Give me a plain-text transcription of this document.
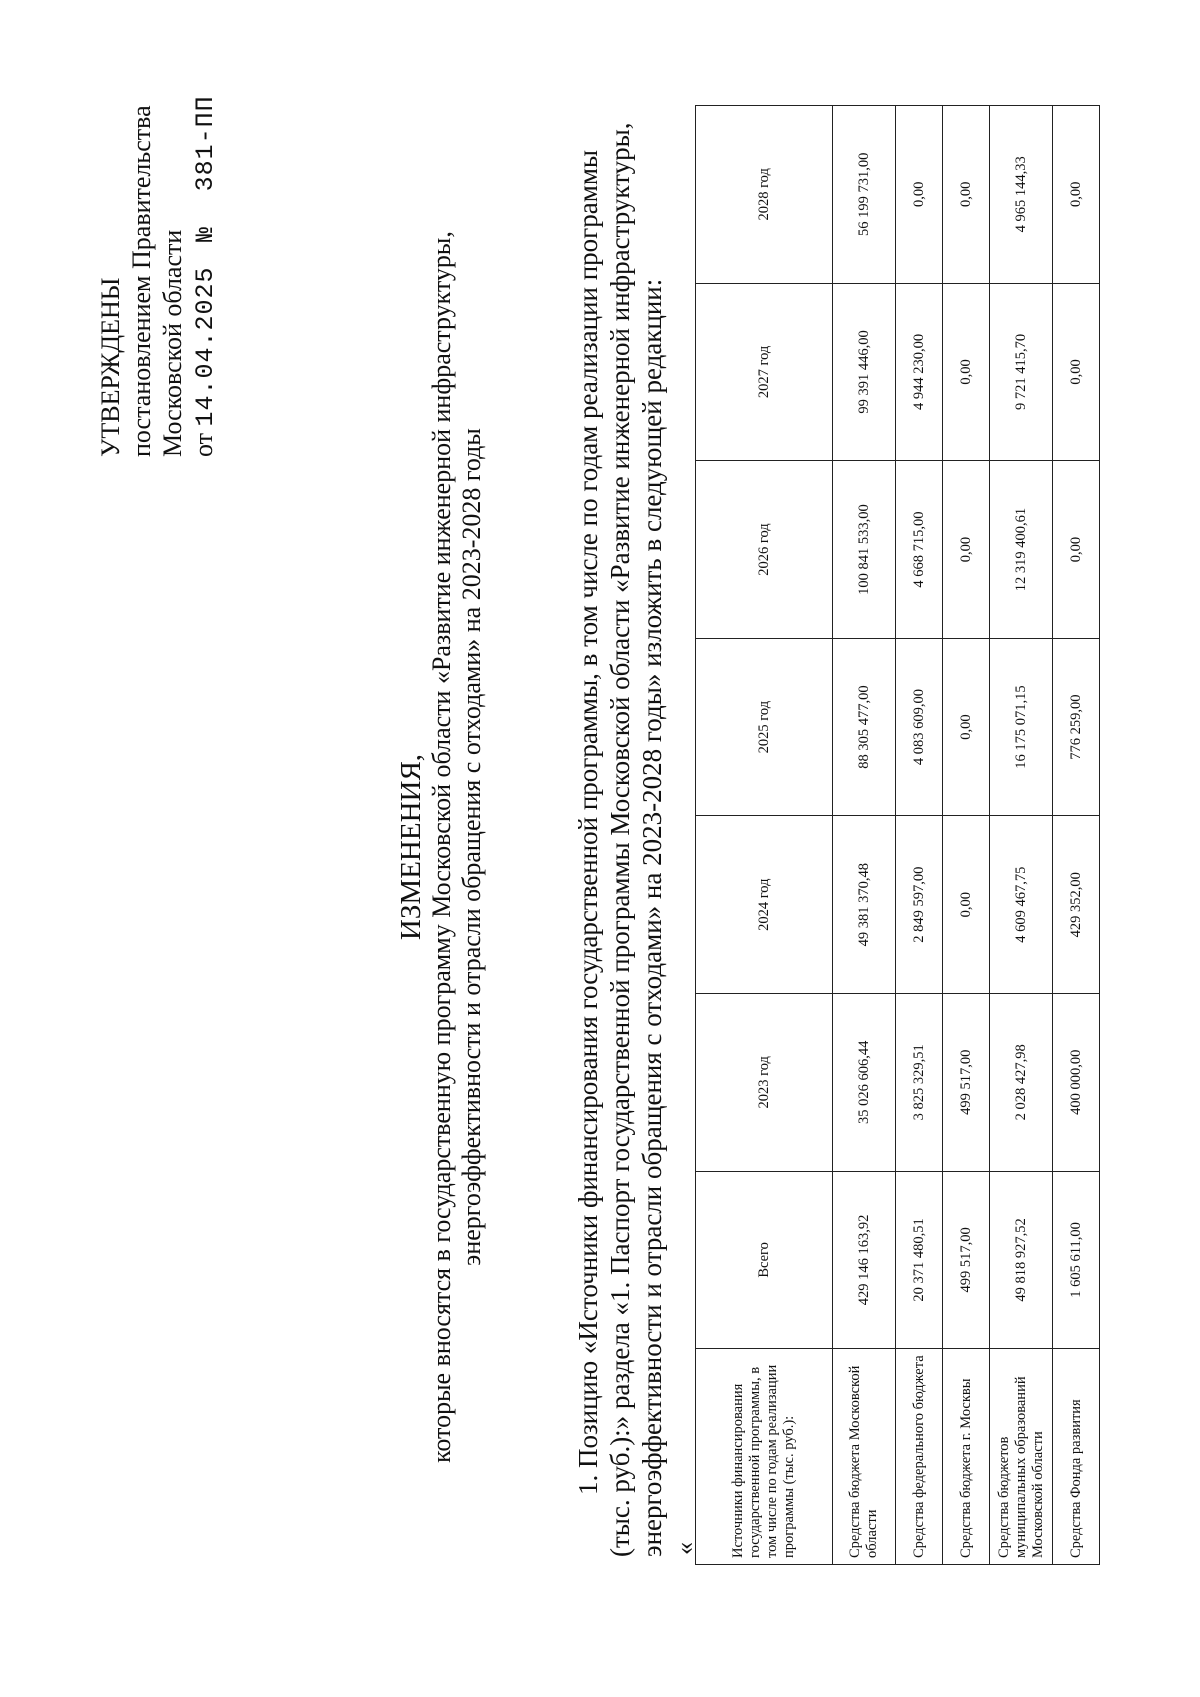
УТВЕРЖДЕНЫ постановлением Правительства Московской области от 14.04.2025 № 381-ПП
ИЗМЕНЕНИЯ, которые вносятся в государственную программу Московской области «Развитие инженерной инфраструктуры, энергоэффективности и отрасли обращения с отходами» на 2023-2028 годы	1. Позицию «Источники финансирования государственной программы, в том числе по годам реализации программы (тыс. руб.):» раздела «1. Паспорт государственной программы Московской области «Развитие инженерной инфраструктуры, энергоэффективности и отрасли обращения с отходами» на 2023-2028 годы» изложить в следующей редакции: « Источники финансирования государственной программы, в том числе по годам реализации программы (тыс. руб.):	Всего	2023 год	2024 год	2025 год	2026 год	2027 год	2028 год
Средства бюджета Московской области	429 146 163,92	35 026 606,44	49 381 370,48	88 305 477,00	100 841 533,00	99 391 446,00	56 199 731,00
Средства федерального бюджета	20 371 480,51	3 825 329,51	2 849 597,00	4 083 609,00	4 668 715,00	4 944 230,00	0,00
Средства бюджета г. Москвы	499 517,00	499 517,00	0,00	0,00	0,00	0,00	0,00
Средства бюджетов муниципальных образований Московской области	49 818 927,52	2 028 427,98	4 609 467,75	16 175 071,15	12 319 400,61	9 721 415,70	4 965 144,33
Средства Фонда развития	1 605 611,00	400 000,00	429 352,00	776 259,00	0,00	0,00	0,00
